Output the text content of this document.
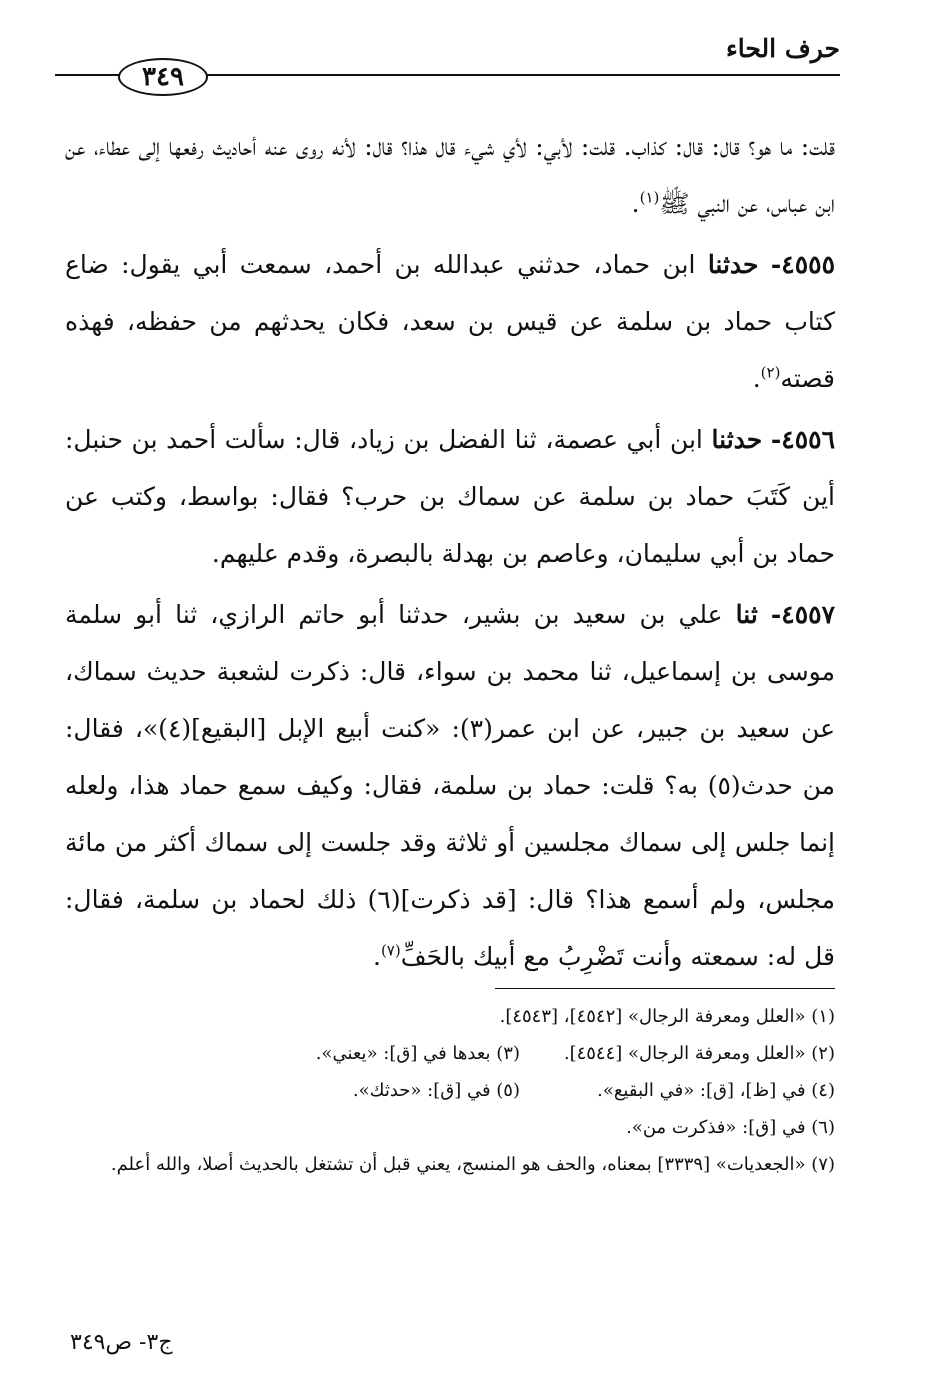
حرف الحاء
٣٤٩

قلت: ما هو؟ قال: قال: كذاب. قلت: لأبي: لأي شيء قال هذا؟ قال: لأنه روى عنه أحاديث رفعها إلى عطاء، عن ابن عباس، عن النبي ﷺ$^{(١)}$.

٤٥٥٥- حدثنا ابن حماد، حدثني عبدالله بن أحمد، سمعت أبي يقول: ضاع كتاب حماد بن سلمة عن قيس بن سعد، فكان يحدثهم من حفظه، فهذه قصته$^{(٢)}$.

٤٥٥٦- حدثنا ابن أبي عصمة، ثنا الفضل بن زياد، قال: سألت أحمد بن حنبل: أين كَتَبَ حماد بن سلمة عن سماك بن حرب؟ فقال: بواسط، وكتب عن حماد بن أبي سليمان، وعاصم بن بهدلة بالبصرة، وقدم عليهم.

٤٥٥٧- ثنا علي بن سعيد بن بشير، حدثنا أبو حاتم الرازي، ثنا أبو سلمة موسى بن إسماعيل، ثنا محمد بن سواء، قال: ذكرت لشعبة حديث سماك، عن سعيد بن جبير، عن ابن عمر(٣): «كنت أبيع الإبل [البقيع](٤)»، فقال: من حدث(٥) به؟ قلت: حماد بن سلمة، فقال: وكيف سمع حماد هذا، ولعله إنما جلس إلى سماك مجلسين أو ثلاثة وقد جلست إلى سماك أكثر من مائة مجلس، ولم أسمع هذا؟ قال: [قد ذكرت](٦) ذلك لحماد بن سلمة، فقال: قل له: سمعته وأنت تَضْرِبُ مع أبيك بالحَفِّ$^{(٧)}$.

(١) «العلل ومعرفة الرجال» [٤٥٤٢]، [٤٥٤٣].
(٢) «العلل ومعرفة الرجال» [٤٥٤٤].
(٣) بعدها في [ق]: «يعني».
(٤) في [ظ]، [ق]: «في البقيع».
(٥) في [ق]: «حدثك».
(٦) في [ق]: «فذكرت من».
(٧) «الجعديات» [٣٣٣٩] بمعناه، والحف هو المنسج، يعني قبل أن تشتغل بالحديث أصلا، والله أعلم.
ج٣- ص٣٤٩
